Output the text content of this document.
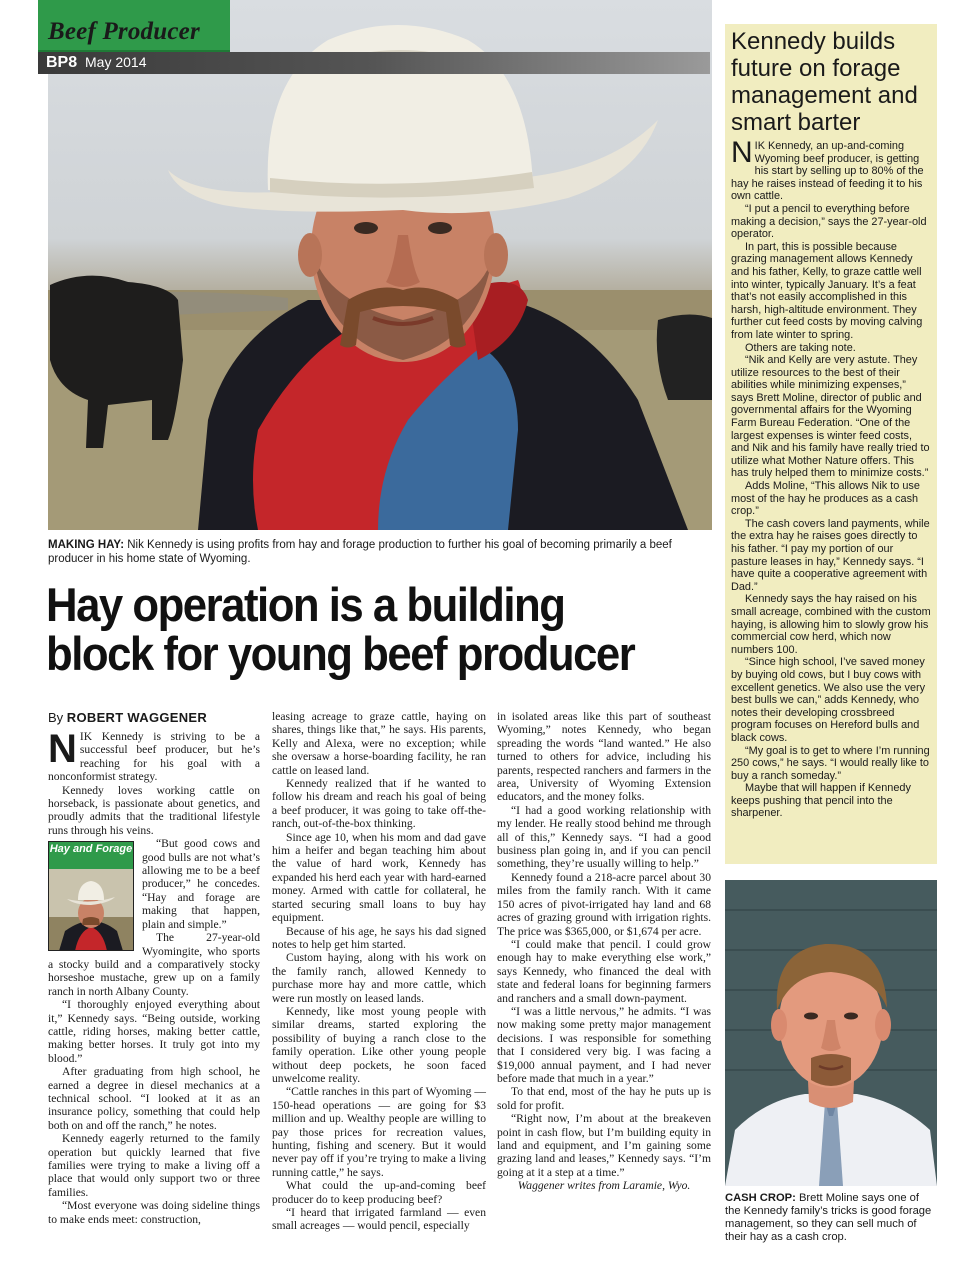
Beef Producer
BP8 May 2014
MAKING HAY: Nik Kennedy is using profits from hay and forage production to further his goal of becoming primarily a beef producer in his home state of Wyoming.
Hay operation is a building block for young beef producer
By ROBERT WAGGENER

NIK Kennedy is striving to be a successful beef producer, but he’s reaching for his goal with a nonconformist strategy.

Kennedy loves working cattle on horseback, is passionate about genetics, and proudly admits that the traditional lifestyle runs through his veins.

Hay and Forage	“But good cows and good bulls are not what’s allowing me to be a beef producer,” he concedes. “Hay and forage are making that happen, plain and simple.”

The 27-year-old Wyomingite, who sports a stocky build and a comparatively stocky horseshoe mustache, grew up on a family ranch in north Albany County.

“I thoroughly enjoyed everything about it,” Kennedy says. “Being outside, working cattle, riding horses, making better cattle, making better horses. It truly got into my blood.”

After graduating from high school, he earned a degree in diesel mechanics at a technical school. “I looked at it as an insurance policy, something that could help both on and off the ranch,” he notes.

Kennedy eagerly returned to the family operation but quickly learned that five families were trying to make a living off a place that would only support two or three families.

“Most everyone was doing sideline things to make ends meet: construction,

leasing acreage to graze cattle, haying on shares, things like that,” he says. His parents, Kelly and Alexa, were no exception; while she oversaw a horse-boarding facility, he ran cattle on leased land.

Kennedy realized that if he wanted to follow his dream and reach his goal of being a beef producer, it was going to take off-the-ranch, out-of-the-box thinking.

Since age 10, when his mom and dad gave him a heifer and began teaching him about the value of hard work, Kennedy has expanded his herd each year with hard-earned money. Armed with cattle for collateral, he started securing small loans to buy hay equipment.

Because of his age, he says his dad signed notes to help get him started.

Custom haying, along with his work on the family ranch, allowed Kennedy to purchase more hay and more cattle, which were run mostly on leased lands.

Kennedy, like most young people with similar dreams, started exploring the possibility of buying a ranch close to the family operation. Like other young people without deep pockets, he soon faced unwelcome reality.

“Cattle ranches in this part of Wyoming — 150-head operations — are going for $3 million and up. Wealthy people are willing to pay those prices for recreation values, hunting, fishing and scenery. But it would never pay off if you’re trying to make a living running cattle,” he says.

What could the up-and-coming beef producer do to keep producing beef?

“I heard that irrigated farmland — even small acreages — would pencil, especially

in isolated areas like this part of southeast Wyoming,” notes Kennedy, who began spreading the words “land wanted.” He also turned to others for advice, including his parents, respected ranchers and farmers in the area, University of Wyoming Extension educators, and the money folks.

“I had a good working relationship with my lender. He really stood behind me through all of this,” Kennedy says. “I had a good business plan going in, and if you can pencil something, they’re usually willing to help.”

Kennedy found a 218-acre parcel about 30 miles from the family ranch. With it came 150 acres of pivot-irrigated hay land and 68 acres of grazing ground with irrigation rights. The price was $365,000, or $1,674 per acre.

“I could make that pencil. I could grow enough hay to make everything else work,” says Kennedy, who financed the deal with state and federal loans for beginning farmers and ranchers and a small down-payment.

“I was a little nervous,” he admits. “I was now making some pretty major management decisions. I was responsible for something that I considered very big. I was facing a $19,000 annual payment, and I had never before made that much in a year.”

To that end, most of the hay he puts up is sold for profit.

“Right now, I’m about at the breakeven point in cash flow, but I’m building equity in land and equipment, and I’m gaining some grazing land and leases,” Kennedy says. “I’m going at it a step at a time.”

Waggener writes from Laramie, Wyo.

Kennedy builds future on forage management and smart barter

NIK Kennedy, an up-and-coming Wyoming beef producer, is getting his start by selling up to 80% of the hay he raises instead of feeding it to his own cattle.

“I put a pencil to everything before making a decision,” says the 27-year-old operator.

In part, this is possible because grazing management allows Kennedy and his father, Kelly, to graze cattle well into winter, typically January. It’s a feat that’s not easily accomplished in this harsh, high-altitude environment. They further cut feed costs by moving calving from late winter to spring.

Others are taking note.

“Nik and Kelly are very astute. They utilize resources to the best of their abilities while minimizing expenses,” says Brett Moline, director of public and governmental affairs for the Wyoming Farm Bureau Federation. “One of the largest expenses is winter feed costs, and Nik and his family have really tried to utilize what Mother Nature offers. This has truly helped them to minimize costs.”

Adds Moline, “This allows Nik to use most of the hay he produces as a cash crop.”

The cash covers land payments, while the extra hay he raises goes directly to his father. “I pay my portion of our pasture leases in hay,” Kennedy says. “I have quite a cooperative agreement with Dad.”

Kennedy says the hay raised on his small acreage, combined with the custom haying, is allowing him to slowly grow his commercial cow herd, which now numbers 100.

“Since high school, I’ve saved money by buying old cows, but I buy cows with excellent genetics. We also use the very best bulls we can,” adds Kennedy, who notes their developing crossbreed program focuses on Hereford bulls and black cows.

“My goal is to get to where I’m running 250 cows,” he says. “I would really like to buy a ranch someday.”

Maybe that will happen if Kennedy keeps pushing that pencil into the sharpener.

CASH CROP: Brett Moline says one of the Kennedy family’s tricks is good forage management, so they can sell much of their hay as a cash crop.
